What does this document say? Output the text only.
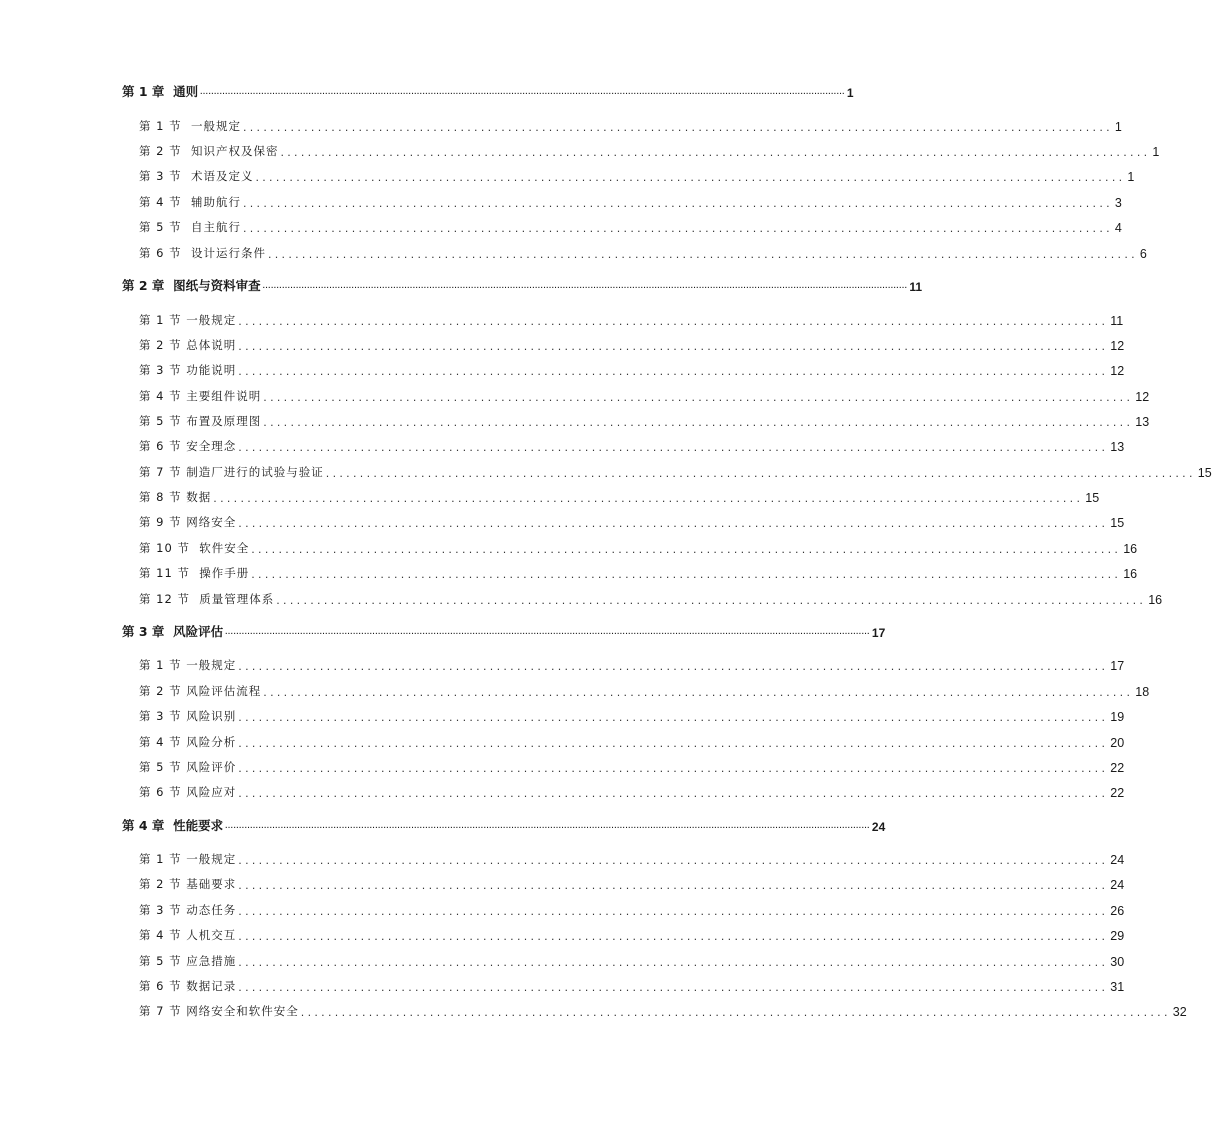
第 1 章  通则 ........................................................................................................................................................................................................................................ 1
第 1 节  一般规定 ................................................................................................................................ 1
第 2 节  知识产权及保密 ................................................................................................................................ 1
第 3 节  术语及定义 ................................................................................................................................ 1
第 4 节  辅助航行 ................................................................................................................................ 3
第 5 节  自主航行 ................................................................................................................................ 4
第 6 节  设计运行条件 ................................................................................................................................ 6
第 2 章  图纸与资料审查 ........................................................................................................................................................................................................................................ 11
第 1 节 一般规定 ................................................................................................................................ 11
第 2 节 总体说明 ................................................................................................................................ 12
第 3 节 功能说明 ................................................................................................................................ 12
第 4 节 主要组件说明 ................................................................................................................................ 12
第 5 节 布置及原理图 ................................................................................................................................ 13
第 6 节 安全理念 ................................................................................................................................ 13
第 7 节 制造厂进行的试验与验证 ................................................................................................................................ 15
第 8 节 数据 ................................................................................................................................ 15
第 9 节 网络安全 ................................................................................................................................ 15
第 10 节  软件安全 ................................................................................................................................ 16
第 11 节  操作手册 ................................................................................................................................ 16
第 12 节  质量管理体系 ................................................................................................................................ 16
第 3 章  风险评估 ........................................................................................................................................................................................................................................ 17
第 1 节 一般规定 ................................................................................................................................ 17
第 2 节 风险评估流程 ................................................................................................................................ 18
第 3 节 风险识别 ................................................................................................................................ 19
第 4 节 风险分析 ................................................................................................................................ 20
第 5 节 风险评价 ................................................................................................................................ 22
第 6 节 风险应对 ................................................................................................................................ 22
第 4 章  性能要求 ........................................................................................................................................................................................................................................ 24
第 1 节 一般规定 ................................................................................................................................ 24
第 2 节 基础要求 ................................................................................................................................ 24
第 3 节 动态任务 ................................................................................................................................ 26
第 4 节 人机交互 ................................................................................................................................ 29
第 5 节 应急措施 ................................................................................................................................ 30
第 6 节 数据记录 ................................................................................................................................ 31
第 7 节 网络安全和软件安全 ................................................................................................................................ 32
